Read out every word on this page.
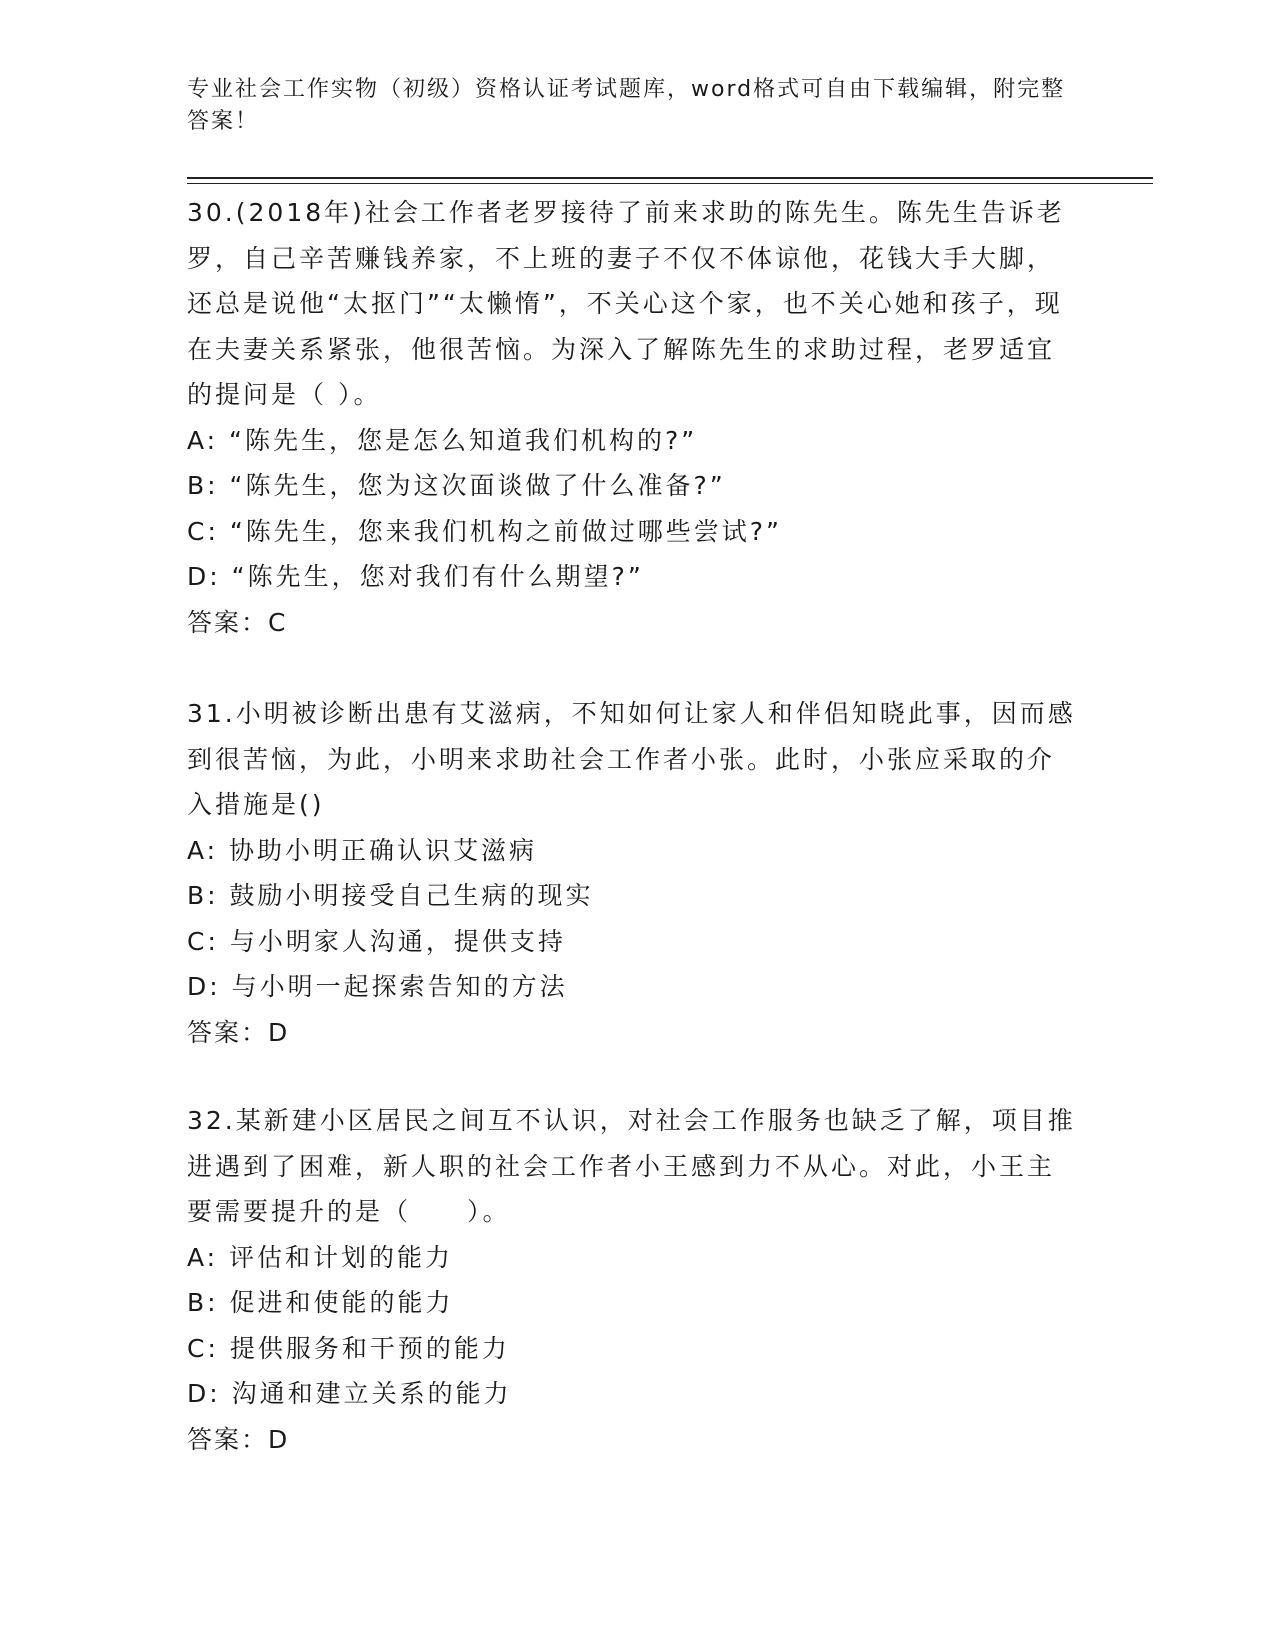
专业社会工作实物（初级）资格认证考试题库，word格式可自由下载编辑，附完整答案！

30.(2018年)社会工作者老罗接待了前来求助的陈先生。陈先生告诉老罗，自己辛苦赚钱养家，不上班的妻子不仅不体谅他，花钱大手大脚，还总是说他“太抠门”“太懒惰”，不关心这个家，也不关心她和孩子，现在夫妻关系紧张，他很苦恼。为深入了解陈先生的求助过程，老罗适宜的提问是（ ）。

A: “陈先生，您是怎么知道我们机构的?”

B: “陈先生，您为这次面谈做了什么准备?”

C: “陈先生，您来我们机构之前做过哪些尝试?”

D: “陈先生，您对我们有什么期望?”

答案：C

31.小明被诊断出患有艾滋病，不知如何让家人和伴侣知晓此事，因而感到很苦恼，为此，小明来求助社会工作者小张。此时，小张应采取的介入措施是()

A: 协助小明正确认识艾滋病

B: 鼓励小明接受自己生病的现实

C: 与小明家人沟通，提供支持

D: 与小明一起探索告知的方法

答案：D

32.某新建小区居民之间互不认识，对社会工作服务也缺乏了解，项目推进遇到了困难，新人职的社会工作者小王感到力不从心。对此，小王主要需要提升的是（　　）。

A: 评估和计划的能力

B: 促进和使能的能力

C: 提供服务和干预的能力

D: 沟通和建立关系的能力

答案：D
